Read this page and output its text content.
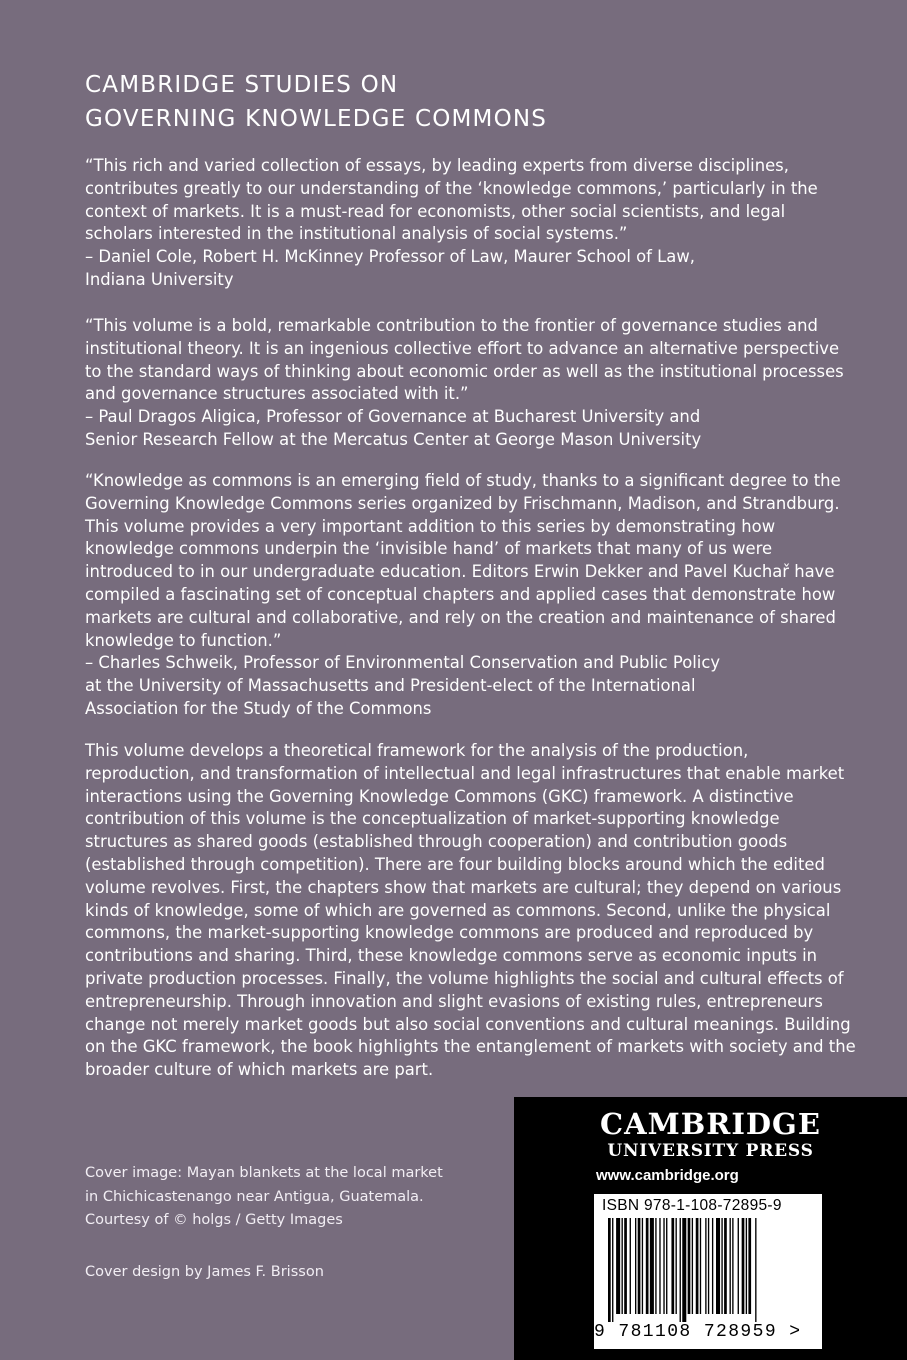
CAMBRIDGE STUDIES ON
GOVERNING KNOWLEDGE COMMONS

“This rich and varied collection of essays, by leading experts from diverse disciplines, contributes greatly to our understanding of the ‘knowledge commons,’ particularly in the context of markets. It is a must-read for economists, other social scientists, and legal scholars interested in the institutional analysis of social systems.”

– Daniel Cole, Robert H. McKinney Professor of Law, Maurer School of Law,

Indiana University

“This volume is a bold, remarkable contribution to the frontier of governance studies and institutional theory. It is an ingenious collective effort to advance an alternative perspective to the standard ways of thinking about economic order as well as the institutional processes and governance structures associated with it.”

– Paul Dragos Aligica, Professor of Governance at Bucharest University and

Senior Research Fellow at the Mercatus Center at George Mason University

“Knowledge as commons is an emerging field of study, thanks to a significant degree to the Governing Knowledge Commons series organized by Frischmann, Madison, and Strandburg. This volume provides a very important addition to this series by demonstrating how knowledge commons underpin the ‘invisible hand’ of markets that many of us were introduced to in our undergraduate education. Editors Erwin Dekker and Pavel Kuchař have compiled a fascinating set of conceptual chapters and applied cases that demonstrate how markets are cultural and collaborative, and rely on the creation and maintenance of shared knowledge to function.”

– Charles Schweik, Professor of Environmental Conservation and Public Policy

at the University of Massachusetts and President-elect of the International

Association for the Study of the Commons

This volume develops a theoretical framework for the analysis of the production, reproduction, and transformation of intellectual and legal infrastructures that enable market interactions using the Governing Knowledge Commons (GKC) framework. A distinctive contribution of this volume is the conceptualization of market-supporting knowledge structures as shared goods (established through cooperation) and contribution goods (established through competition). There are four building blocks around which the edited volume revolves. First, the chapters show that markets are cultural; they depend on various kinds of knowledge, some of which are governed as commons. Second, unlike the physical commons, the market-supporting knowledge commons are produced and reproduced by contributions and sharing. Third, these knowledge commons serve as economic inputs in private production processes. Finally, the volume highlights the social and cultural effects of entrepreneurship. Through innovation and slight evasions of existing rules, entrepreneurs change not merely market goods but also social conventions and cultural meanings. Building on the GKC framework, the book highlights the entanglement of markets with society and the broader culture of which markets are part.

Cover image: Mayan blankets at the local market

in Chichicastenango near Antigua, Guatemala.

Courtesy of © holgs / Getty Images

Cover design by James F. Brisson
CAMBRIDGE
UNIVERSITY PRESS
www.cambridge.org
ISBN 978-1-108-72895-9
9 781108 728959 >
